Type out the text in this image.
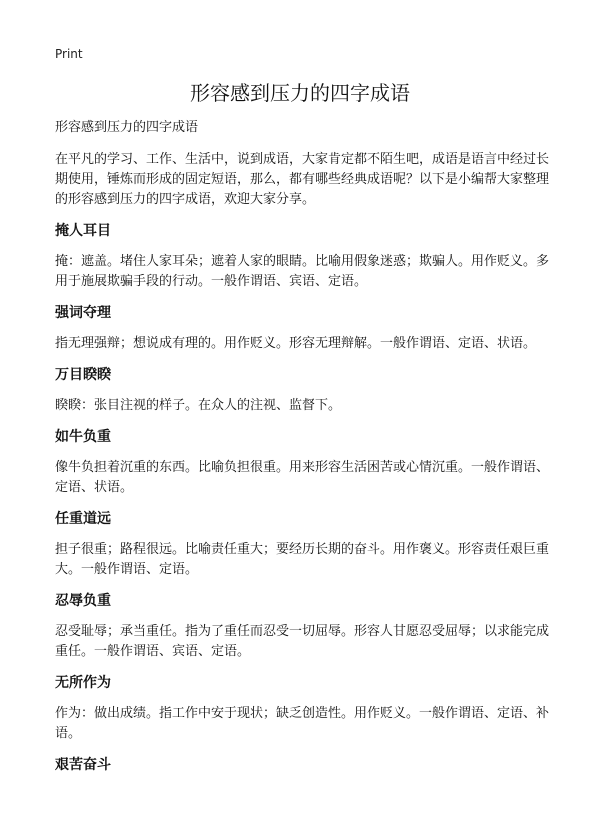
Print
形容感到压力的四字成语

形容感到压力的四字成语

在平凡的学习、工作、生活中，说到成语，大家肯定都不陌生吧，成语是语言中经过长期使用，锤炼而形成的固定短语，那么，都有哪些经典成语呢？以下是小编帮大家整理的形容感到压力的四字成语，欢迎大家分享。

掩人耳目

掩：遮盖。堵住人家耳朵；遮着人家的眼睛。比喻用假象迷惑；欺骗人。用作贬义。多用于施展欺骗手段的行动。一般作谓语、宾语、定语。

强词夺理

指无理强辩；想说成有理的。用作贬义。形容无理辩解。一般作谓语、定语、状语。

万目睽睽

睽睽：张目注视的样子。在众人的注视、监督下。

如牛负重

像牛负担着沉重的东西。比喻负担很重。用来形容生活困苦或心情沉重。一般作谓语、定语、状语。

任重道远

担子很重；路程很远。比喻责任重大；要经历长期的奋斗。用作褒义。形容责任艰巨重大。一般作谓语、定语。

忍辱负重

忍受耻辱；承当重任。指为了重任而忍受一切屈辱。形容人甘愿忍受屈辱；以求能完成重任。一般作谓语、宾语、定语。

无所作为

作为：做出成绩。指工作中安于现状；缺乏创造性。用作贬义。一般作谓语、定语、补语。

艰苦奋斗
